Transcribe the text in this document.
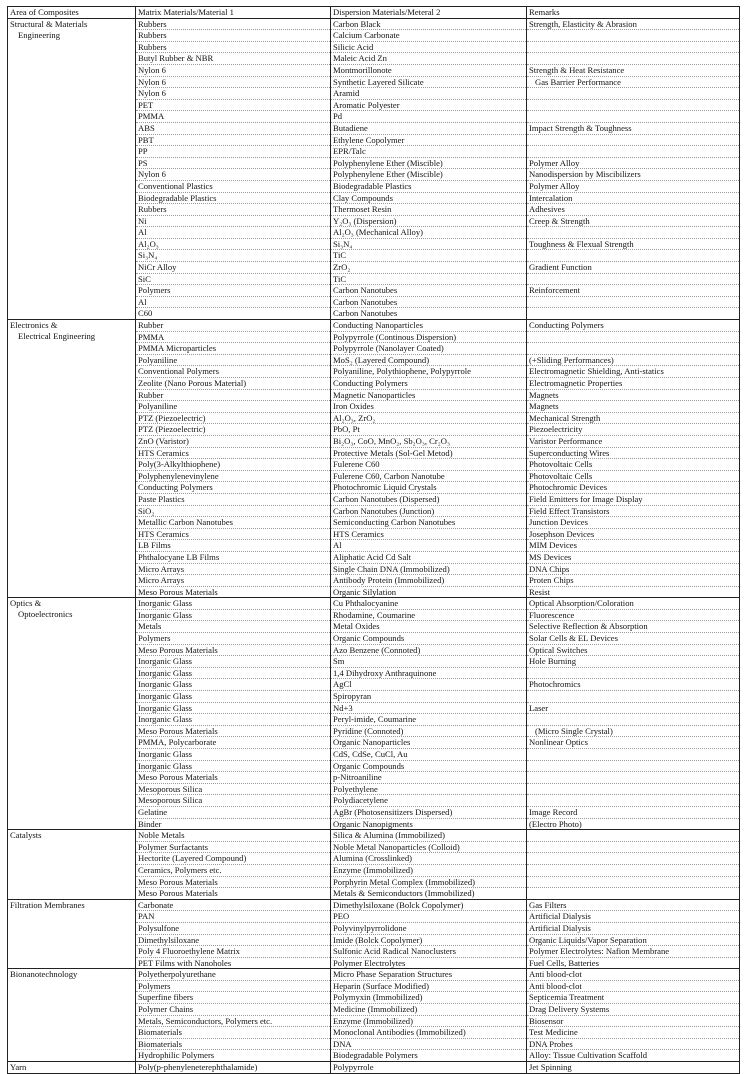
Area of Composites	Matrix Materials/Material 1	Dispersion Materials/Meteral 2	Remarks
Structural & Materials	Rubbers	Carbon Black	Strength, Elasticity & Abrasion
Engineering	Rubbers	Calcium Carbonate	
	Rubbers	Silicic Acid	
	Butyl Rubber & NBR	Maleic Acid Zn	
	Nylon 6	Montmorillonote	Strength & Heat Resistance
	Nylon 6	Synthetic Layered Silicate	Gas Barrier Performance
	Nylon 6	Aramid	
	PET	Aromatic Polyester	
	PMMA	Pd	
	ABS	Butadiene	Impact Strength & Toughness
	PBT	Ethylene Copolymer	
	PP	EPR/Talc	
	PS	Polyphenylene Ether (Miscible)	Polymer Alloy
	Nylon 6	Polyphenylene Ether (Miscible)	Nanodispersion by Miscibilizers
	Conventional Plastics	Biodegradable Plastics	Polymer Alloy
	Biodegradable Plastics	Clay Compounds	Intercalation
	Rubbers	Thermoset Resin	Adhesives
	Ni	Y₂O₃ (Dispersion)	Creep & Strength
	Al	Al₂O₃ (Mechanical Alloy)	
	Al₂O₃	Si₃N₄	Toughness & Flexual Strength
	Si₃N₄	TiC	
	NiCr Alloy	ZrO₂	Gradient Function
	SiC	TiC	
	Polymers	Carbon Nanotubes	Reinforcement
	Al	Carbon Nanotubes	
	C60	Carbon Nanotubes	
Electronics &	Rubber	Conducting Nanoparticles	Conducting Polymers
Electrical Engineering	PMMA	Polypyrrole (Continous Dispersion)	
	PMMA Microparticles	Polypyrrole (Nanolayer Coated)	
	Polyaniline	MoS₂ (Layered Compound)	(+Sliding Performances)
	Conventional Polymers	Polyaniline, Polythiophene, Polypyrrole	Electromagnetic Shielding, Anti-statics
	Zeolite (Nano Porous Material)	Conducting Polymers	Electromagnetic Properties
	Rubber	Magnetic Nanoparticles	Magnets
	Polyaniline	Iron Oxides	Magnets
	PTZ (Piezoelectric)	Al₂O₃, ZrO₂	Mechanical Strength
	PTZ (Piezoelectric)	PbO, Pt	Piezoelectricity
	ZnO (Varistor)	Bi₂O₃, CoO, MnO₂, Sb₂O₃, Cr₂O₃	Varistor Performance
	HTS Ceramics	Protective Metals (Sol-Gel Metod)	Superconducting Wires
	Poly(3-Alkylthiophene)	Fulerene C60	Photovoltaic Cells
	Polyphenylenevinylene	Fulerene C60, Carbon Nanotube	Photovoltaic Cells
	Conducting Polymers	Photochromic Liquid Crystals	Photochromic Devices
	Paste Plastics	Carbon Nanotubes (Dispersed)	Field Emitters for Image Display
	SiO₂	Carbon Nanotubes (Junction)	Field Effect Transistors
	Metallic Carbon Nanotubes	Semiconducting Carbon Nanotubes	Junction Devices
	HTS Ceramics	HTS Ceramics	Josephson Devices
	LB Films	Al	MIM Devices
	Phthalocyane LB Films	Aliphatic Acid Cd Salt	MS Devices
	Micro Arrays	Single Chain DNA (Immobilized)	DNA Chips
	Micro Arrays	Antibody Protein (Immobilized)	Proten Chips
	Meso Porous Materials	Organic Silylation	Resist
Optics &	Inorganic Glass	Cu Phthalocyanine	Optical Absorption/Coloration
Optoelectronics	Inorganic Glass	Rhodamine, Coumarine	Fluorescence
	Metals	Metal Oxides	Selective Reflection & Absorption
	Polymers	Organic Compounds	Solar Cells & EL Devices
	Meso Porous Materials	Azo Benzene (Connoted)	Optical Switches
	Inorganic Glass	Sm	Hole Burning
	Inorganic Glass	1,4 Dihydroxy Anthraquinone	
	Inorganic Glass	AgCl	Photochromics
	Inorganic Glass	Spiropyran	
	Inorganic Glass	Nd+3	Laser
	Inorganic Glass	Peryl-imide, Coumarine	
	Meso Porous Materials	Pyridine (Connoted)	(Micro Single Crystal)
	PMMA, Polycarborate	Organic Nanoparticles	Nonlinear Optics
	Inorganic Glass	CdS, CdSe, CuCl, Au	
	Inorganic Glass	Organic Compounds	
	Meso Porous Materials	p-Nitroaniline	
	Mesoporous Silica	Polyethylene	
	Mesoporous Silica	Polydiacetylene	
	Gelatine	AgBr (Photosensitizers Dispersed)	Image Record
	Binder	Organic Nanopigments	(Electro Photo)
Catalysts	Noble Metals	Silica & Alumina (Immobilized)	
	Polymer Surfactants	Noble Metal Nanoparticles (Colloid)	
	Hectorite (Layered Compound)	Alumina (Crosslinked)	
	Ceramics, Polymers etc.	Enzyme (Immobilized)	
	Meso Porous Materials	Porphyrin Metal Complex (Immobilized)	
	Meso Porous Materials	Metals & Semiconductors (Immobilized)	
Filtration Membranes	Carbonate	Dimethylsiloxane (Bolck Copolymer)	Gas Filters
	PAN	PEO	Artificial Dialysis
	Polysulfone	Polyvinylpyrrolidone	Artificial Dialysis
	Dimethylsiloxane	Imide (Bolck Copolymer)	Organic Liquids/Vapor Separation
	Poly 4 Fluoroethylene Matrix	Sulfonic Acid Radical Nanoclusters	Polymer Electrolytes: Nafion Membrane
	PET Films with Nanoholes	Polymer Electrolytes	Fuel Cells, Batteries
Bionanotechnology	Polyetherpolyurethane	Micro Phase Separation Structures	Anti blood-clot
	Polymers	Heparin (Surface Modified)	Anti blood-clot
	Superfine fibers	Polymyxin (Immobilized)	Septicemia Treatment
	Polymer Chains	Medicine (Immobilized)	Drag Delivery Systems
	Metals, Semiconductors, Polymers etc.	Enzyme (Immobilized)	Biosensor
	Biomaterials	Monoclonal Antibodies (Immobilized)	Test Medicine
	Biomaterials	DNA	DNA Probes
	Hydrophilic Polymers	Biodegradable Polymers	Alloy: Tissue Cultivation Scaffold
Yarn	Poly(p-phenyleneterephthalamide)	Polypyrrole	Jet Spinning
